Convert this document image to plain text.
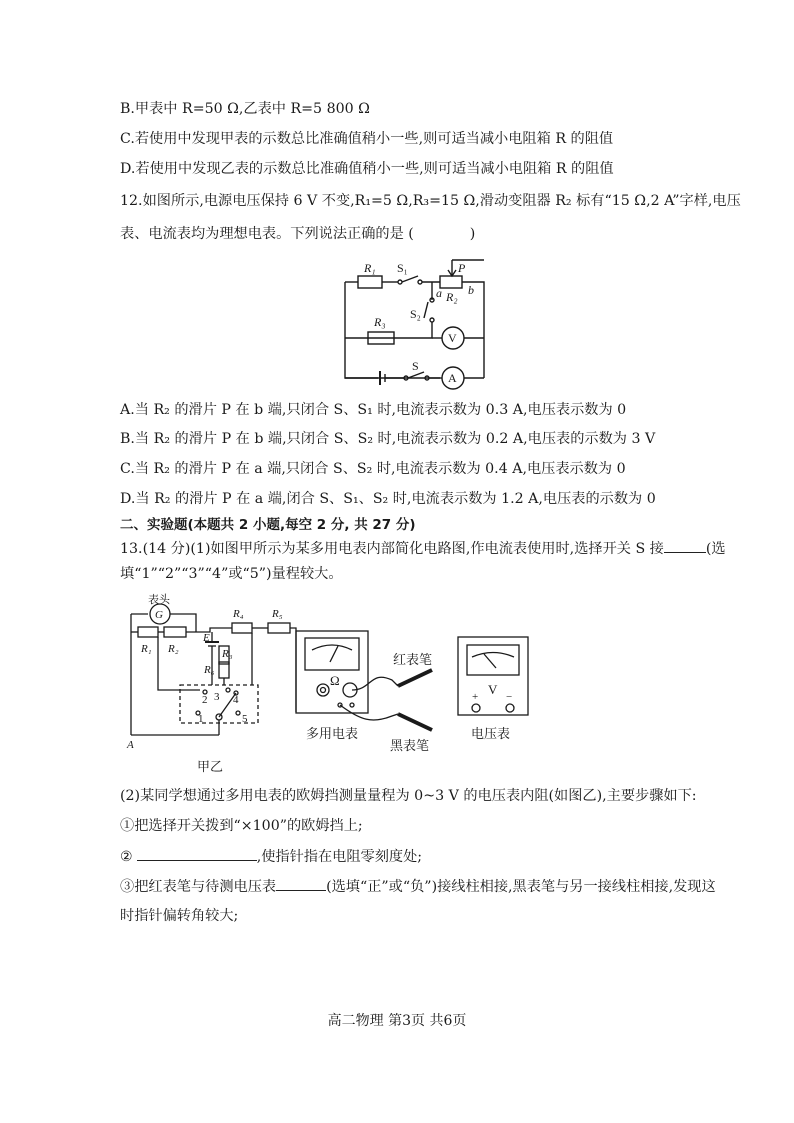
B.甲表中 R=50 Ω,乙表中 R=5 800 Ω
C.若使用中发现甲表的示数总比准确值稍小一些,则可适当减小电阻箱 R 的阻值
D.若使用中发现乙表的示数总比准确值稍小一些,则可适当减小电阻箱 R 的阻值
12.如图所示,电源电压保持 6 V 不变,R₁=5 Ω,R₃=15 Ω,滑动变阻器 R₂ 标有“15 Ω,2 A”字样,电压
表、电流表均为理想电表。下列说法正确的是 (	)
R₁ S₁	P
a R₂ b
S₂
R₃
V
S
A
A.当 R₂ 的滑片 P 在 b 端,只闭合 S、S₁ 时,电流表示数为 0.3 A,电压表示数为 0
B.当 R₂ 的滑片 P 在 b 端,只闭合 S、S₂ 时,电流表示数为 0.2 A,电压表的示数为 3 V
C.当 R₂ 的滑片 P 在 a 端,只闭合 S、S₂ 时,电流表示数为 0.4 A,电压表示数为 0
D.当 R₂ 的滑片 P 在 a 端,闭合 S、S₁、S₂ 时,电流表示数为 1.2 A,电压表的示数为 0
二、实验题(本题共 2 小题,每空 2 分, 共 27 分)
13.(14 分)(1)如图甲所示为某多用电表内部简化电路图,作电流表使用时,选择开关 S 接	(选
填“1”“2”“3”“4”或“5”)量程较大。
表头
G
R₁ R₂
R₄	R₅
E
R₃
R₆
2 3 4
1	5
A
Ω
红表笔
黑表笔
多用电表	电压表
V
+	−
甲乙
(2)某同学想通过多用电表的欧姆挡测量量程为 0~3 V 的电压表内阻(如图乙),主要步骤如下:
①把选择开关拨到“×100”的欧姆挡上;
②	,使指针指在电阻零刻度处;
③把红表笔与待测电压表	(选填“正”或“负”)接线柱相接,黑表笔与另一接线柱相接,发现这
时指针偏转角较大;
高二物理 第3页 共6页
